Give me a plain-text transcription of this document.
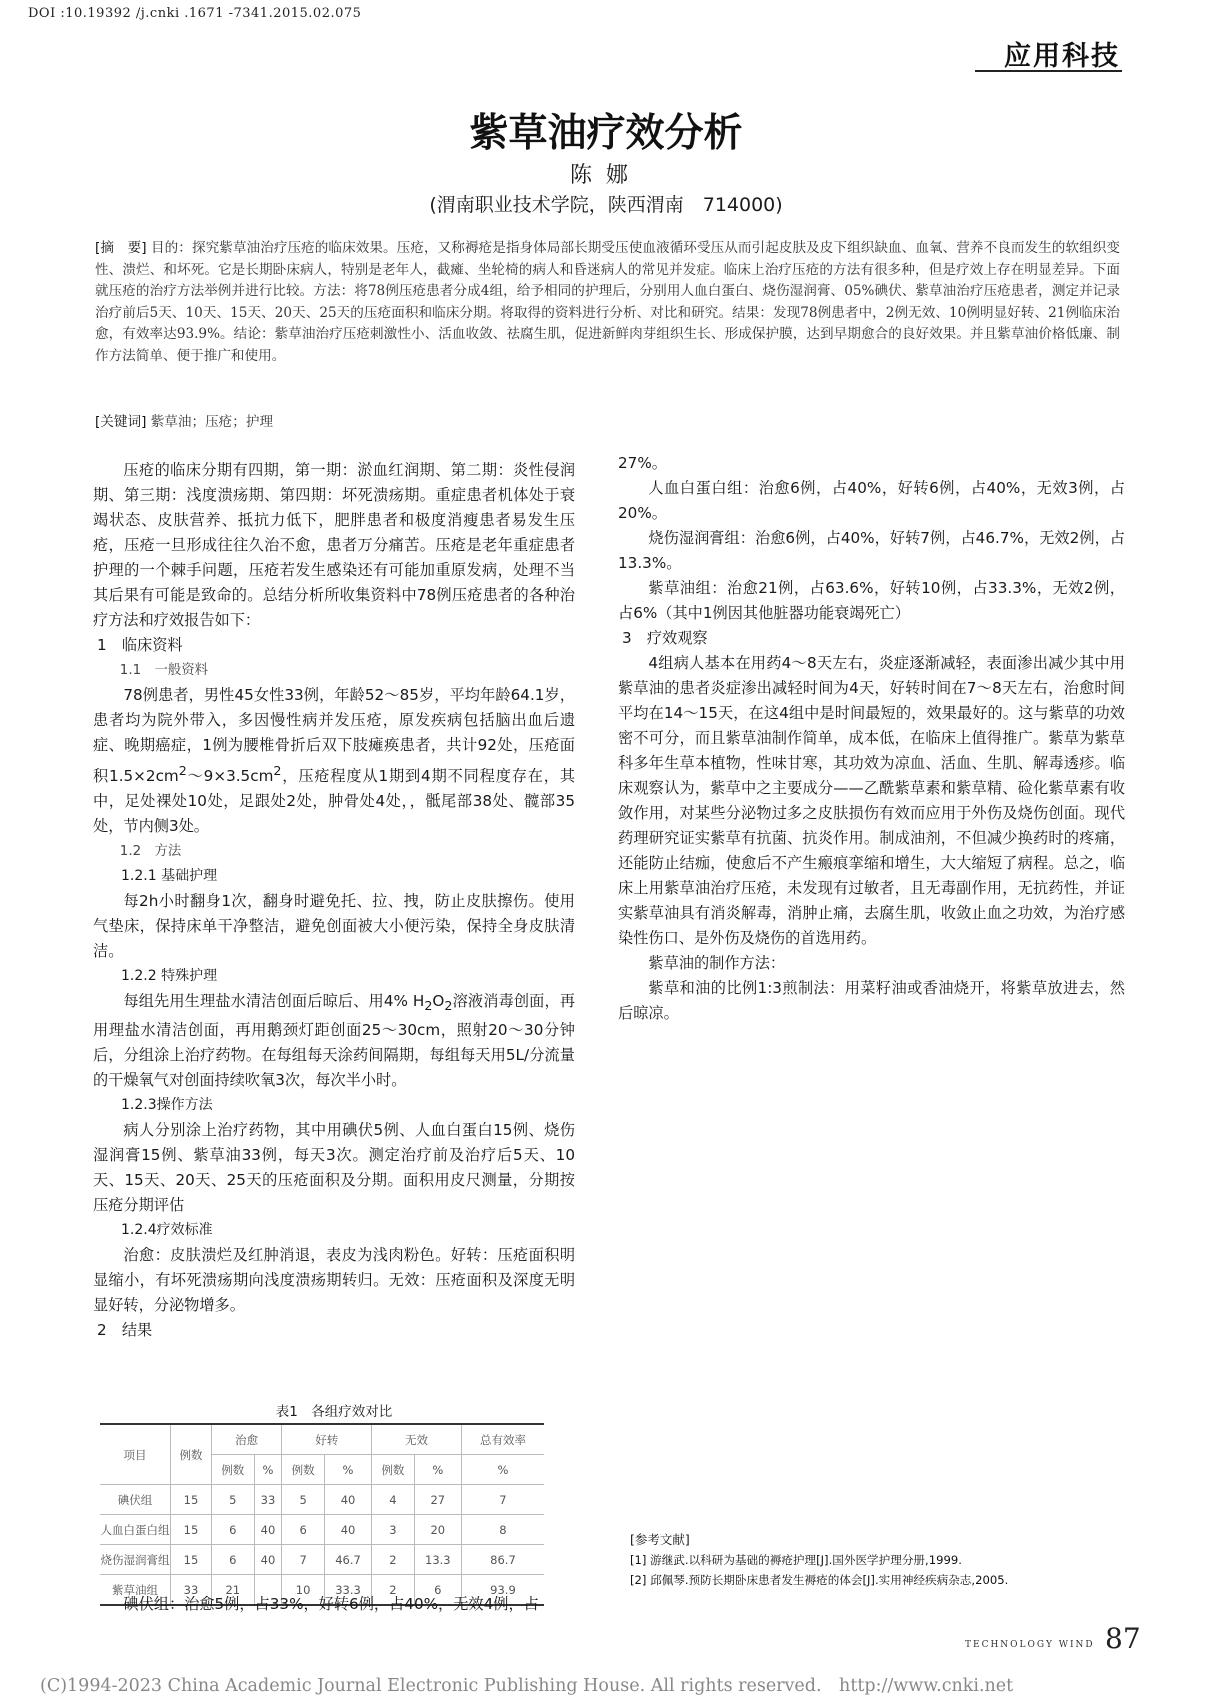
DOI :10.19392 /j.cnki .1671 -7341.2015.02.075
应用科技
紫草油疗效分析
陈娜
(渭南职业技术学院，陕西渭南　714000)
[摘　要] 目的：探究紫草油治疗压疮的临床效果。压疮，又称褥疮是指身体局部长期受压使血液循环受压从而引起皮肤及皮下组织缺血、血氧、营养不良而发生的软组织变性、溃烂、和坏死。它是长期卧床病人，特别是老年人，截瘫、坐轮椅的病人和昏迷病人的常见并发症。临床上治疗压疮的方法有很多种，但是疗效上存在明显差异。下面就压疮的治疗方法举例并进行比较。方法：将78例压疮患者分成4组，给予相同的护理后，分别用人血白蛋白、烧伤湿润膏、05%碘伏、紫草油治疗压疮患者，测定并记录治疗前后5天、10天、15天、20天、25天的压疮面积和临床分期。将取得的资料进行分析、对比和研究。结果：发现78例患者中，2例无效、10例明显好转、21例临床治愈，有效率达93.9%。结论：紫草油治疗压疮刺激性小、活血收敛、祛腐生肌，促进新鲜肉芽组织生长、形成保护膜，达到早期愈合的良好效果。并且紫草油价格低廉、制作方法简单、便于推广和使用。
[关键词] 紫草油；压疮；护理

压疮的临床分期有四期，第一期：淤血红润期、第二期：炎性侵润期、第三期：浅度溃疡期、第四期：坏死溃疡期。重症患者机体处于衰竭状态、皮肤营养、抵抗力低下，肥胖患者和极度消瘦患者易发生压疮，压疮一旦形成往往久治不愈，患者万分痛苦。压疮是老年重症患者护理的一个棘手问题，压疮若发生感染还有可能加重原发病，处理不当其后果有可能是致命的。总结分析所收集资料中78例压疮患者的各种治疗方法和疗效报告如下：

1　临床资料

1.1　一般资料

78例患者，男性45女性33例，年龄52～85岁，平均年龄64.1岁，患者均为院外带入，多因慢性病并发压疮，原发疾病包括脑出血后遗症、晚期癌症，1例为腰椎骨折后双下肢瘫痪患者，共计92处，压疮面积$1.5\times 2cm^2\sim 9\times 3.5cm^2$，压疮程度从1期到4期不同程度存在，其中，足处裸处10处，足跟处2处，肿骨处4处，，骶尾部38处、髋部35处，节内侧3处。

1.2　方法

1.2.1 基础护理

每2h小时翻身1次，翻身时避免托、拉、拽，防止皮肤擦伤。使用气垫床，保持床单干净整洁，避免创面被大小便污染，保持全身皮肤清洁。

1.2.2 特殊护理

每组先用生理盐水清洁创面后晾后、用4% $H_2O_2$溶液消毒创面，再用理盐水清洁创面，再用鹅颈灯距创面25～30cm，照射20～30分钟后，分组涂上治疗药物。在每组每天涂药间隔期，每组每天用5L/分流量的干燥氧气对创面持续吹氧3次，每次半小时。

1.2.3操作方法

病人分别涂上治疗药物，其中用碘伏5例、人血白蛋白15例、烧伤湿润膏15例、紫草油33例，每天3次。测定治疗前及治疗后5天、10天、15天、20天、25天的压疮面积及分期。面积用皮尺测量，分期按压疮分期评估

1.2.4疗效标准

治愈：皮肤溃烂及红肿消退，表皮为浅肉粉色。好转：压疮面积明显缩小，有坏死溃疡期向浅度溃疡期转归。无效：压疮面积及深度无明显好转，分泌物增多。

2　结果

表1　各组疗效对比
项目	例数	治愈		好转		无效		总有效率
		例数	%	例数	%	例数	%	%
碘伏组	15	5	33	5	40	4	27	7
人血白蛋白组	15	6	40	6	40	3	20	8
烧伤湿润膏组	15	6	40	7	46.7	2	13.3	86.7
紫草油组	33	21		10	33.3	2	6	93.9

碘伏组：治愈5例，占33%，好转6例，占40%，无效4例，占

27%。

人血白蛋白组：治愈6例，占40%，好转6例，占40%，无效3例，占20%。

烧伤湿润膏组：治愈6例，占40%，好转7例，占46.7%，无效2例，占13.3%。

紫草油组：治愈21例，占63.6%，好转10例，占33.3%，无效2例，占6%（其中1例因其他脏器功能衰竭死亡）

3　疗效观察

4组病人基本在用药4～8天左右，炎症逐渐减轻，表面渗出减少其中用紫草油的患者炎症渗出减轻时间为4天，好转时间在7～8天左右，治愈时间平均在14～15天，在这4组中是时间最短的，效果最好的。这与紫草的功效密不可分，而且紫草油制作简单，成本低，在临床上值得推广。紫草为紫草科多年生草本植物，性味甘寒，其功效为凉血、活血、生肌、解毒透疹。临床观察认为，紫草中之主要成分——乙酰紫草素和紫草精、硷化紫草素有收敛作用，对某些分泌物过多之皮肤损伤有效而应用于外伤及烧伤创面。现代药理研究证实紫草有抗菌、抗炎作用。制成油剂，不但减少换药时的疼痛，还能防止结痂，使愈后不产生瘢痕挛缩和增生，大大缩短了病程。总之，临床上用紫草油治疗压疮，未发现有过敏者，且无毒副作用，无抗药性，并证实紫草油具有消炎解毒，消肿止痛，去腐生肌，收敛止血之功效，为治疗感染性伤口、是外伤及烧伤的首选用药。

紫草油的制作方法：

紫草和油的比例1:3煎制法：用菜籽油或香油烧开，将紫草放进去，然后晾凉。

[参考文献]
[1] 游继武.以科研为基础的褥疮护理[J].国外医学护理分册,1999.
[2] 邱佩琴.预防长期卧床患者发生褥疮的体会[J].实用神经疾病杂志,2005.
TECHNOLOGY WIND 87
(C)1994-2023 China Academic Journal Electronic Publishing House. All rights reserved.　http://www.cnki.net
